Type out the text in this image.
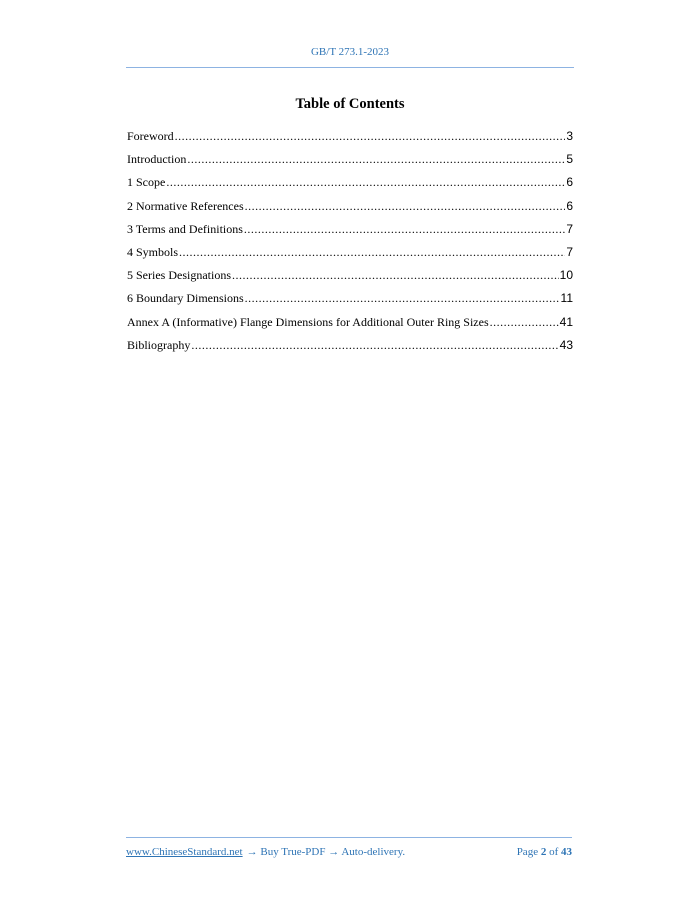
GB/T 273.1-2023
Table of Contents
Foreword .....	3
Introduction .....	5
1 Scope .....	6
2 Normative References .....	6
3 Terms and Definitions .....	7
4 Symbols .....	7
5 Series Designations .....	10
6 Boundary Dimensions .....	11
Annex A (Informative) Flange Dimensions for Additional Outer Ring Sizes .....	41
Bibliography .....	43
www.ChineseStandard.net → Buy True-PDF → Auto-delivery.	Page 2 of 43
